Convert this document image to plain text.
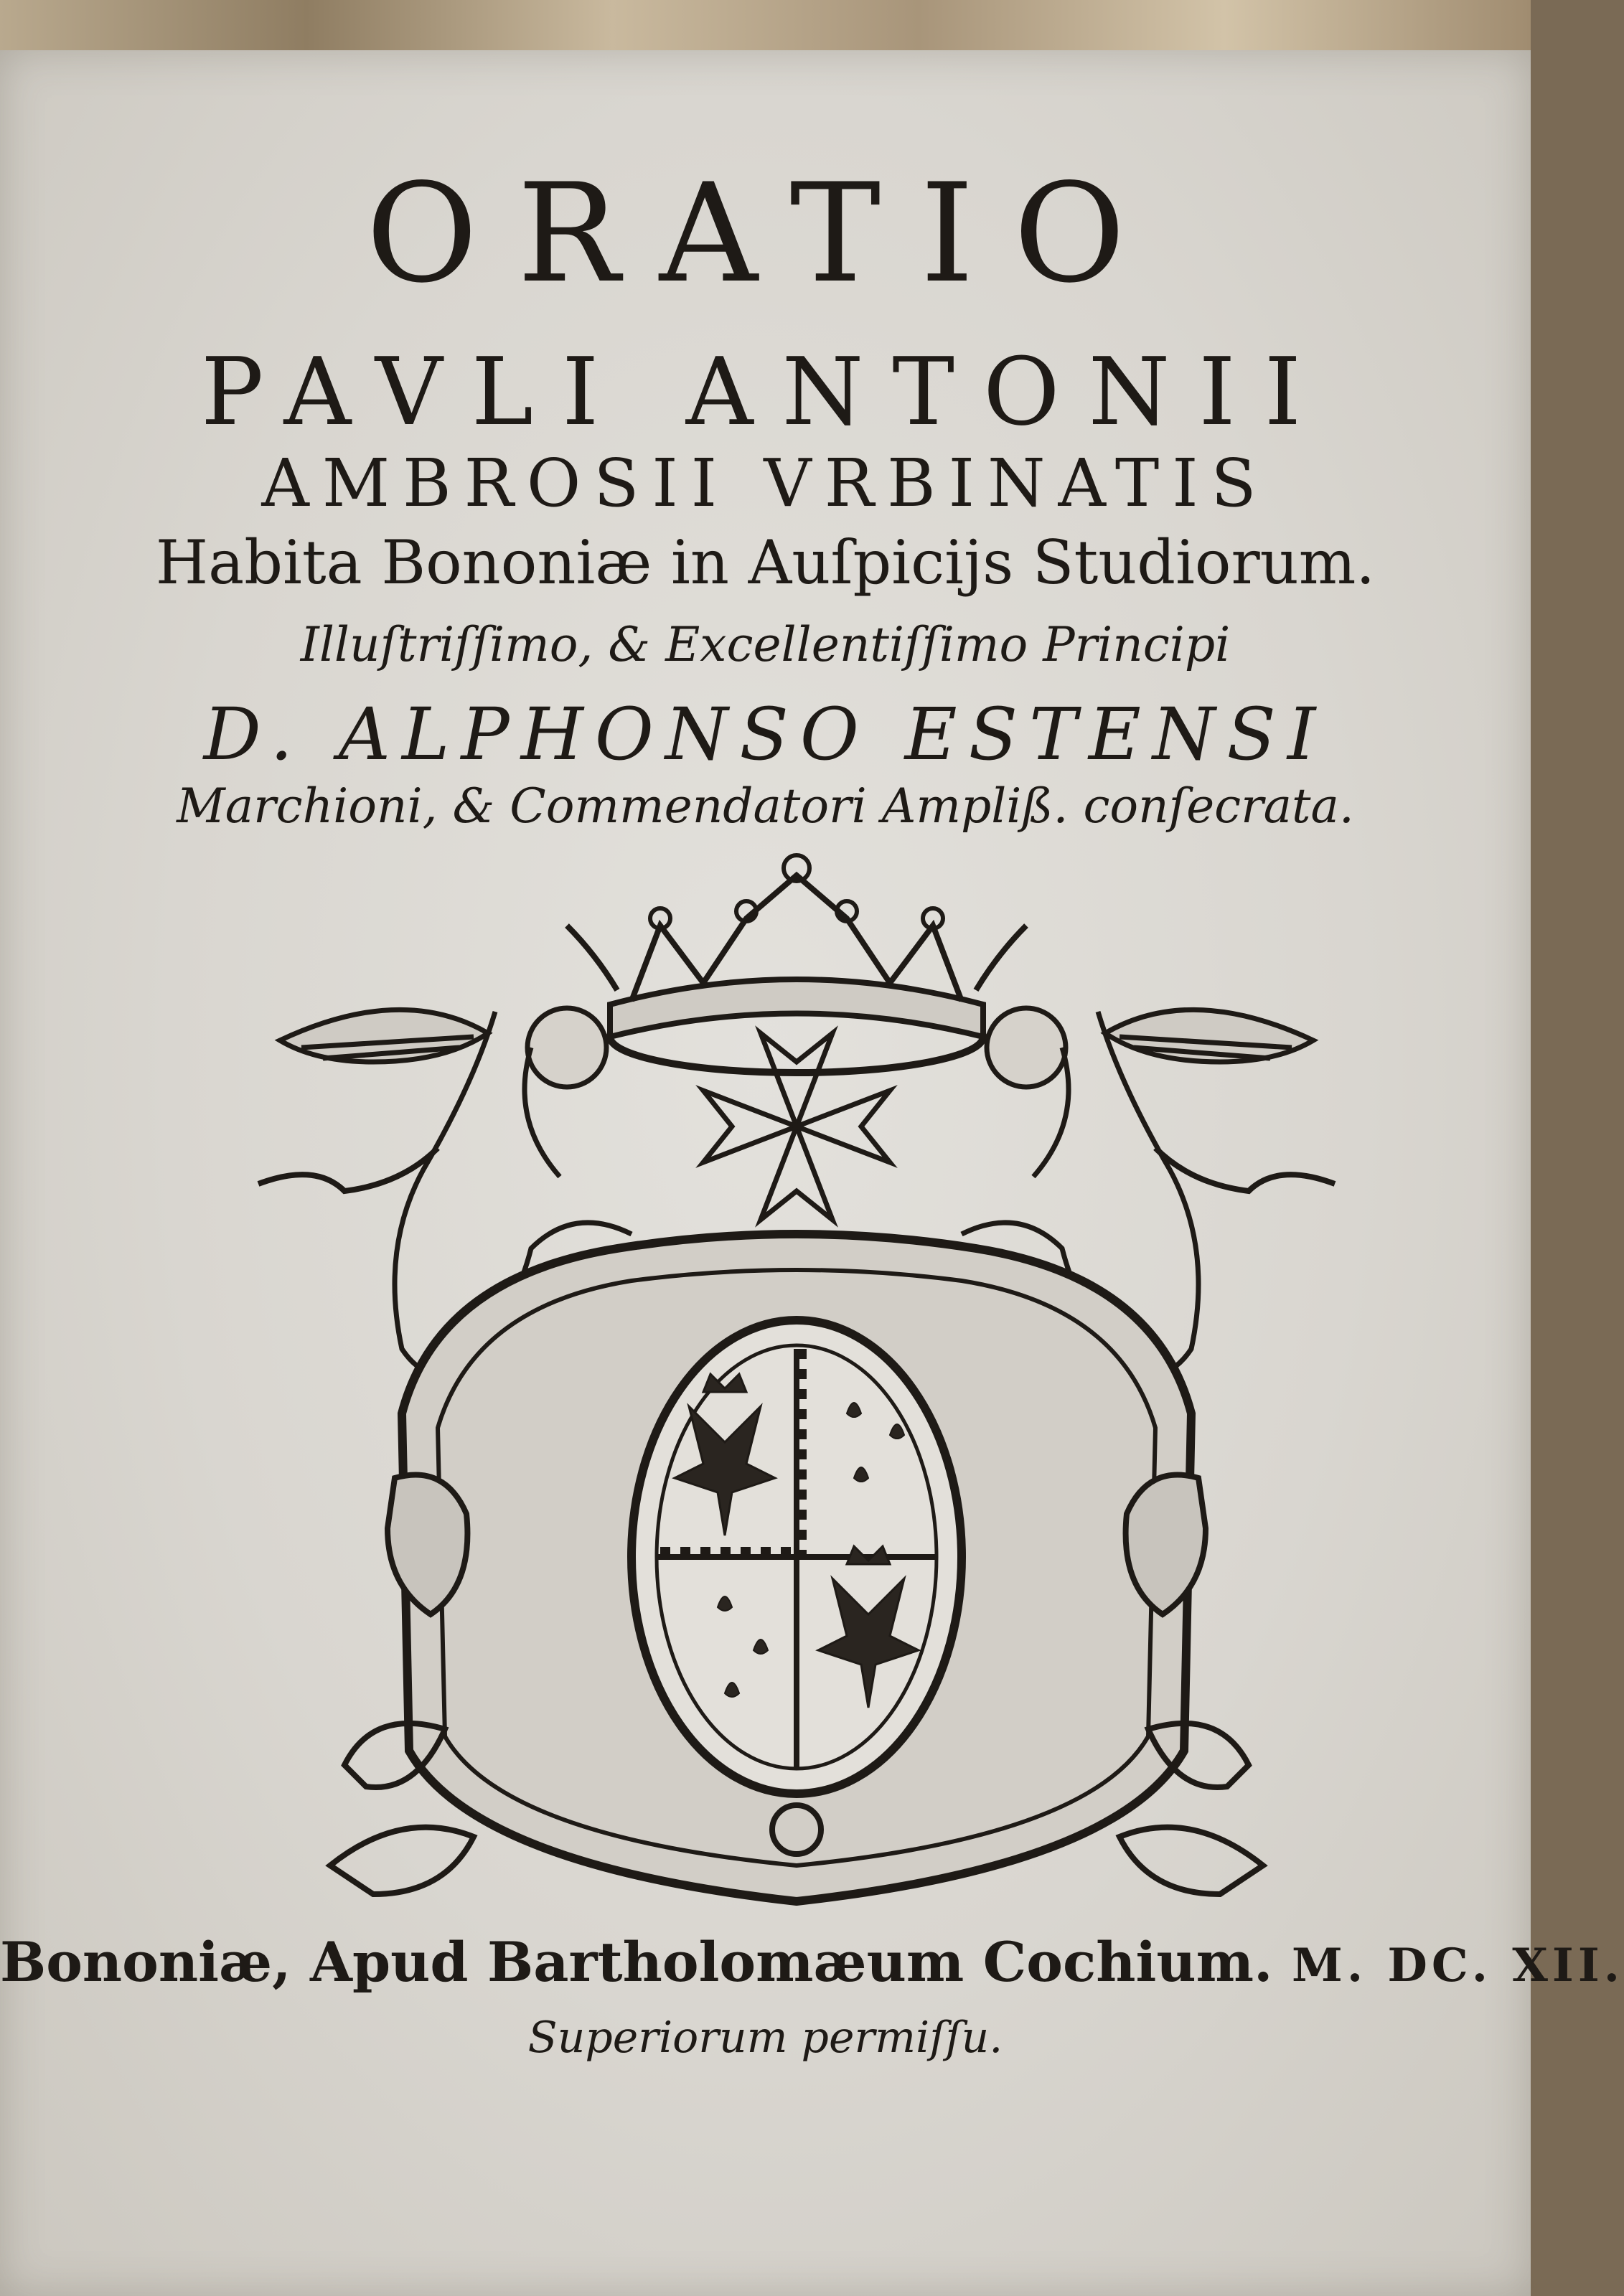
ORATIO
PAVLI ANTONII
AMBROSII VRBINATIS
Habita Bononiæ in Auſpicijs Studiorum.
Illuſtriſſimo, & Excellentiſſimo Principi
D. ALPHONSO ESTENSI
Marchioni, & Commendatori Ampliß. conſecrata.
Bononiæ, Apud Bartholomæum Cochium. M. DC. XII.
Superiorum permiſſu.
